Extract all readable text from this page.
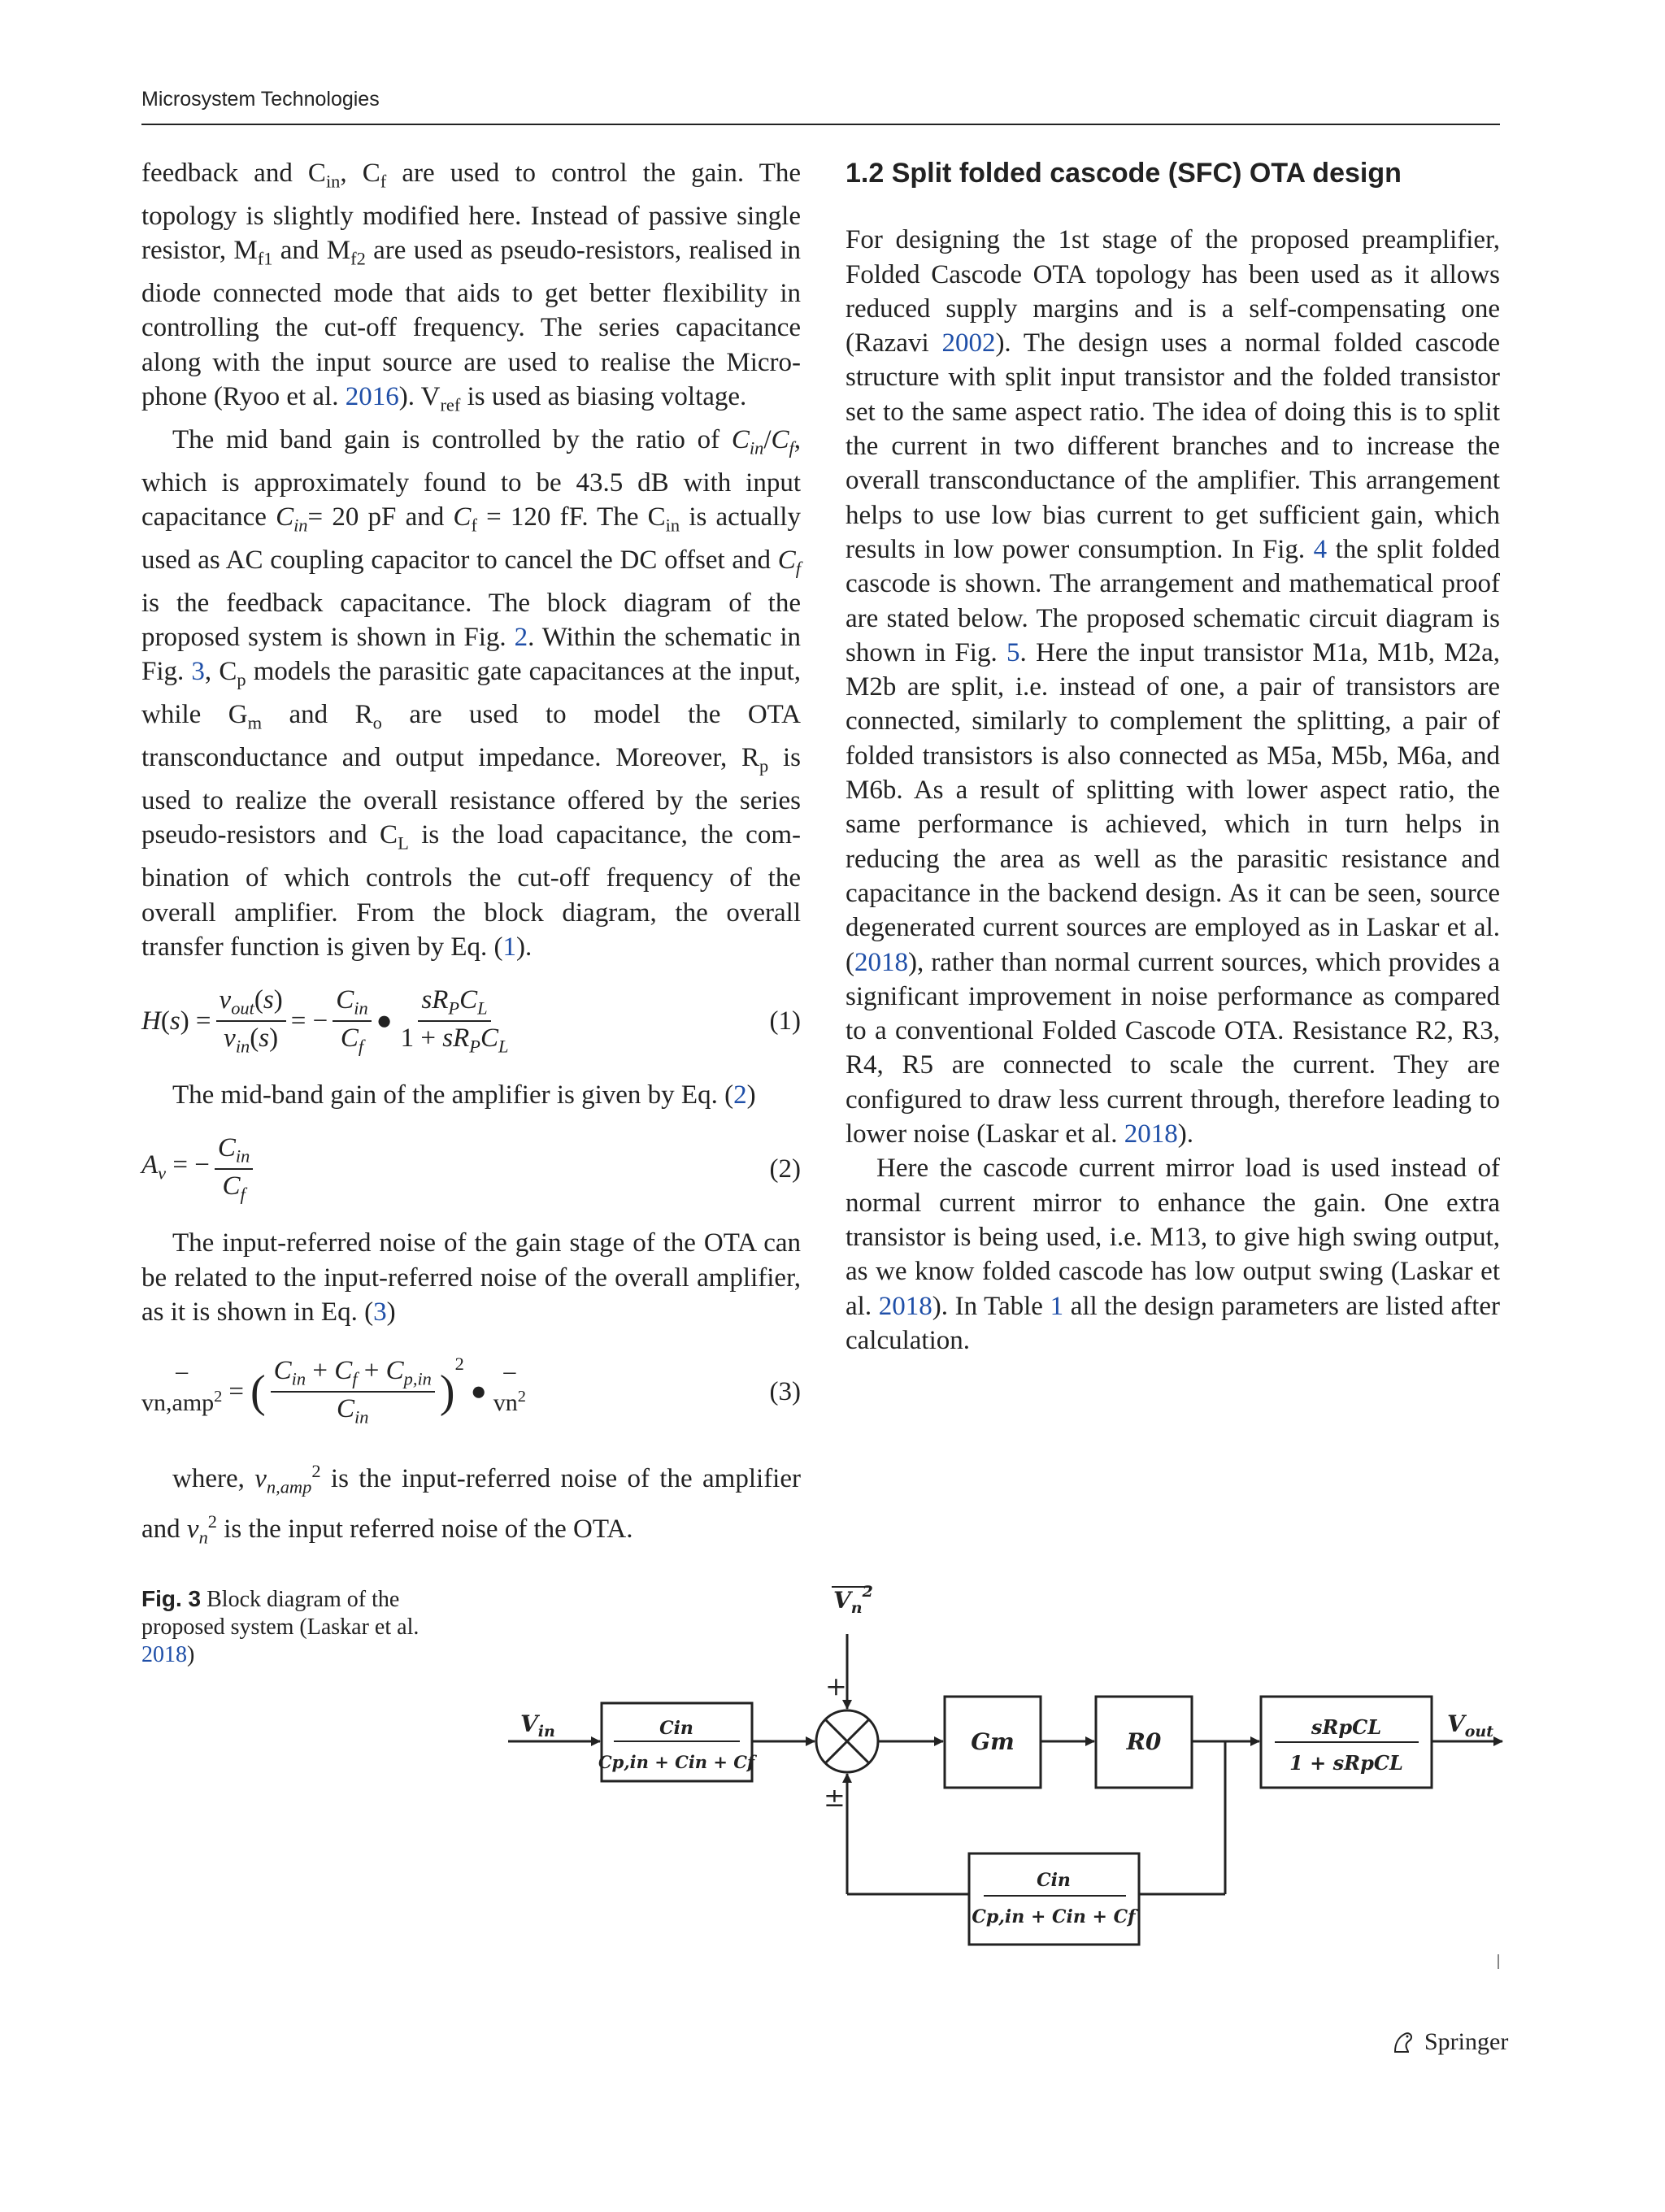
Microsystem Technologies

feedback and $C_{in}$, $C_f$ are used to control the gain. The topology is slightly modified here. Instead of passive single resistor, $M_{f1}$ and $M_{f2}$ are used as pseudo-resistors, realised in diode connected mode that aids to get better flexibility in controlling the cut-off frequency. The series capacitance along with the input source are used to realise the Microphone (Ryoo et al. 2016). $V_{ref}$ is used as biasing voltage.

The mid band gain is controlled by the ratio of $C_{in}/C_f$, which is approximately found to be 43.5 dB with input capacitance $C_{in}= 20$ pF and $C_f = 120$ fF. The $C_{in}$ is actually used as AC coupling capacitor to cancel the DC offset and $C_f$ is the feedback capacitance. The block diagram of the proposed system is shown in Fig. 2. Within the schematic in Fig. 3, $C_p$ models the parasitic gate capacitances at the input, while $G_m$ and $R_o$ are used to model the OTA transconductance and output impedance. Moreover, $R_p$ is used to realize the overall resistance offered by the series pseudo-resistors and $C_L$ is the load capacitance, the combination of which controls the cut-off frequency of the overall amplifier. From the block diagram, the overall transfer function is given by Eq. (1).

$H(s) = \frac{v_{out}(s)}{v_{in}(s)}$ = − $\frac{C_{in}}{C_f}$ ● $\frac{sR_PC_L}{1 + sR_PC_L}$	(1)

The mid-band gain of the amplifier is given by Eq. (2)

$A_v$ = − $\frac{C_{in}}{C_f}$	(2)

The input-referred noise of the gain stage of the OTA can be related to the input-referred noise of the overall amplifier, as it is shown in Eq. (3)

–
vn,amp$^2$ = ( $\frac{C_{in} + C_f + C_{p,in}}{C_{in}}$ )
$^2$
●
–
$vn^2$	(3)

where, $v_{n,amp}^2$ is the input-referred noise of the amplifier and $v_n^2$ is the input referred noise of the OTA.

1.2 Split folded cascode (SFC) OTA design

For designing the 1st stage of the proposed preamplifier, Folded Cascode OTA topology has been used as it allows reduced supply margins and is a self-compensating one (Razavi 2002). The design uses a normal folded cascode structure with split input transistor and the folded transistor set to the same aspect ratio. The idea of doing this is to split the current in two different branches and to increase the overall transconductance of the amplifier. This arrangement helps to use low bias current to get sufficient gain, which results in low power consumption. In Fig. 4 the split folded cascode is shown. The arrangement and mathematical proof are stated below. The proposed schematic circuit diagram is shown in Fig. 5. Here the input transistor M1a, M1b, M2a, M2b are split, i.e. instead of one, a pair of transistors are connected, similarly to complement the splitting, a pair of folded transistors is also connected as M5a, M5b, M6a, and M6b. As a result of splitting with lower aspect ratio, the same performance is achieved, which in turn helps in reducing the area as well as the parasitic resistance and capacitance in the backend design. As it can be seen, source degenerated current sources are employed as in Laskar et al. (2018), rather than normal current sources, which provides a significant improvement in noise performance as compared to a conventional Folded Cascode OTA. Resistance R2, R3, R4, R5 are connected to scale the current. They are configured to draw less current through, therefore leading to lower noise (Laskar et al. 2018).

Here the cascode current mirror load is used instead of normal current mirror to enhance the gain. One extra transistor is being used, i.e. M13, to give high swing output, as we know folded cascode has low output swing (Laskar et al. 2018). In Table 1 all the design parameters are listed after calculation.

Fig. 3 Block diagram of the proposed system (Laskar et al. 2018)
$V_{in}$	Cin
Cp,in + Cin + Cf
$V_n^2$
+
±
Gm	R0
sRpCL
1 + sRpCL
$V_{out}$
Cin
Cp,in + Cin + Cf
Springer
